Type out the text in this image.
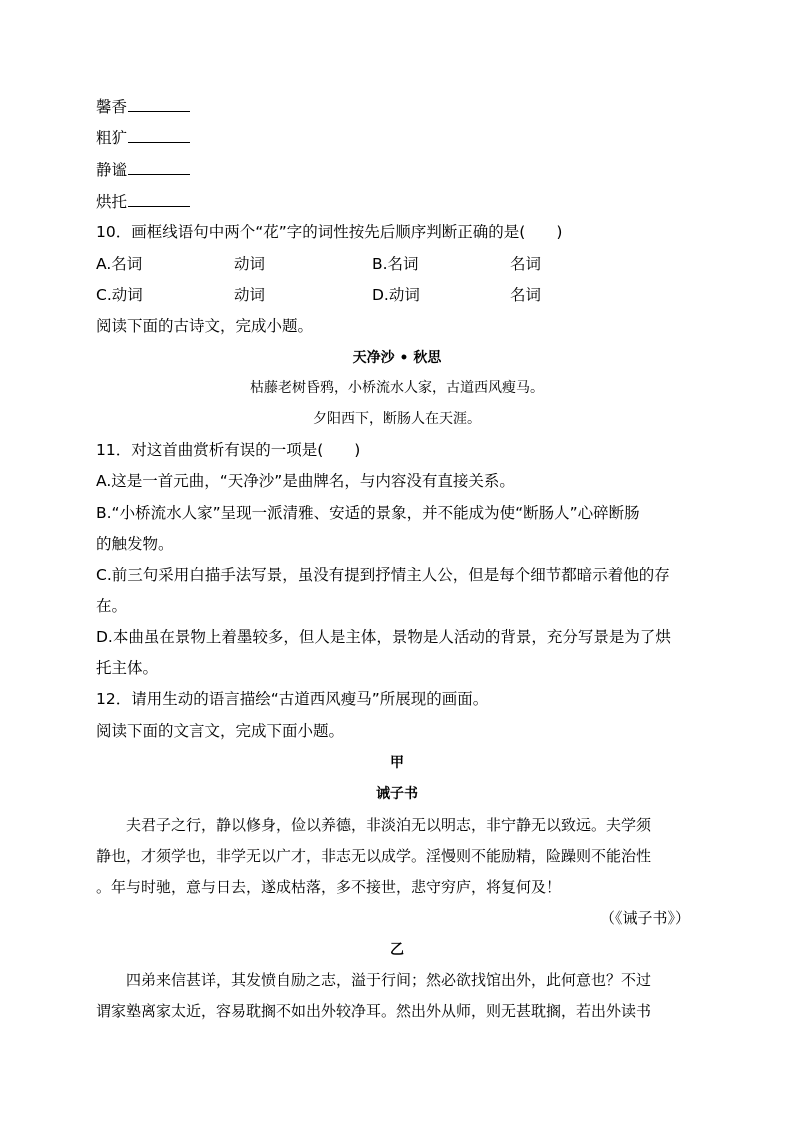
馨香
粗犷
静谧
烘托
10．画框线语句中两个“花”字的词性按先后顺序判断正确的是(　　)
A.名词	动词	B.名词	名词
C.动词	动词	D.动词	名词
阅读下面的古诗文，完成小题。
天净沙 • 秋思
枯藤老树昏鸦，小桥流水人家，古道西风瘦马。
夕阳西下，断肠人在天涯。
11．对这首曲赏析有误的一项是(　　)
A.这是一首元曲，“天净沙”是曲牌名，与内容没有直接关系。
B.“小桥流水人家”呈现一派清雅、安适的景象，并不能成为使“断肠人”心碎断肠
的触发物。
C.前三句采用白描手法写景，虽没有提到抒情主人公，但是每个细节都暗示着他的存
在。
D.本曲虽在景物上着墨较多，但人是主体，景物是人活动的背景，充分写景是为了烘
托主体。
12．请用生动的语言描绘“古道西风瘦马”所展现的画面。
阅读下面的文言文，完成下面小题。
甲
诫子书
　　夫君子之行，静以修身，俭以养德，非淡泊无以明志，非宁静无以致远。夫学须
静也，才须学也，非学无以广才，非志无以成学。淫慢则不能励精，险躁则不能治性
。年与时驰，意与日去，遂成枯落，多不接世，悲守穷庐，将复何及！
（《诫子书》）
乙
　　四弟来信甚详，其发愤自励之志，溢于行间；然必欲找馆出外，此何意也？不过
谓家塾离家太近，容易耽搁不如出外较净耳。然出外从师，则无甚耽搁，若出外读书
